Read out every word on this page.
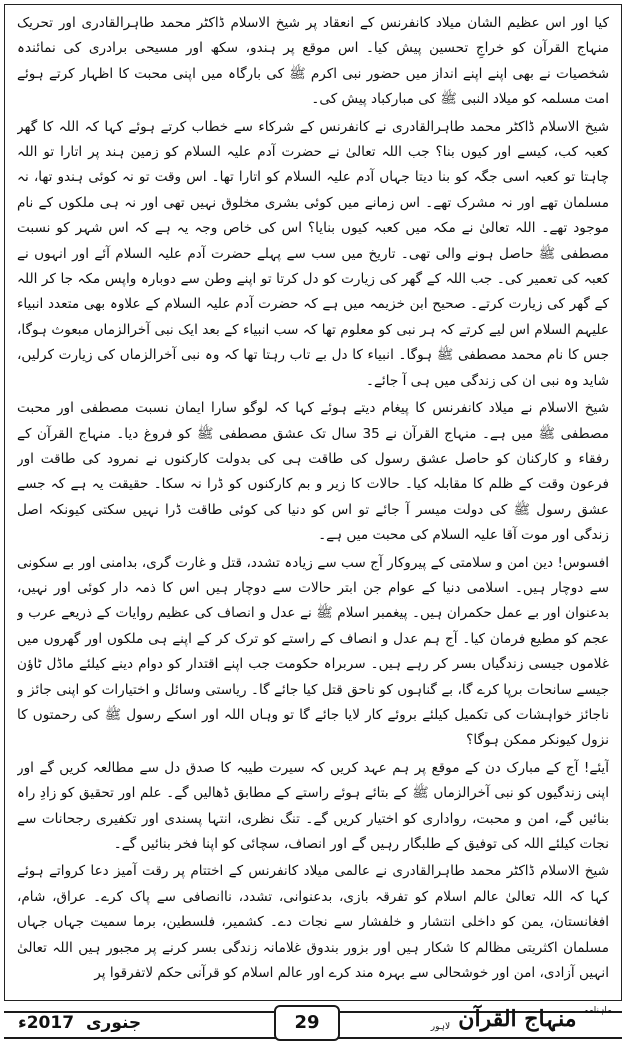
کیا اور اس عظیم الشان میلاد کانفرنس کے انعقاد پر شیخ الاسلام ڈاکٹر محمد طاہرالقادری اور تحریک منہاج القرآن کو خراجِ تحسین پیش کیا۔ اس موقع پر ہندو، سکھ اور مسیحی برادری کی نمائندہ شخصیات نے بھی اپنے اپنے انداز میں حضور نبی اکرم ﷺ کی بارگاہ میں اپنی محبت کا اظہار کرتے ہوئے امت مسلمہ کو میلاد النبی ﷺ کی مبارکباد پیش کی۔

شیخ الاسلام ڈاکٹر محمد طاہرالقادری نے کانفرنس کے شرکاء سے خطاب کرتے ہوئے کہا کہ اللہ کا گھر کعبہ کب، کیسے اور کیوں بنا؟ جب اللہ تعالیٰ نے حضرت آدم علیہ السلام کو زمین ہند پر اتارا تو اللہ چاہتا تو کعبہ اسی جگہ کو بنا دیتا جہاں آدم علیہ السلام کو اتارا تھا۔ اس وقت تو نہ کوئی ہندو تھا، نہ مسلمان تھے اور نہ مشرک تھے۔ اس زمانے میں کوئی بشری مخلوق نہیں تھی اور نہ ہی ملکوں کے نام موجود تھے۔ اللہ تعالیٰ نے مکہ میں کعبہ کیوں بنایا؟ اس کی خاص وجہ یہ ہے کہ اس شہر کو نسبت مصطفی ﷺ حاصل ہونے والی تھی۔ تاریخ میں سب سے پہلے حضرت آدم علیہ السلام آئے اور انہوں نے کعبہ کی تعمیر کی۔ جب اللہ کے گھر کی زیارت کو دل کرتا تو اپنے وطن سے دوبارہ واپس مکہ جا کر اللہ کے گھر کی زیارت کرتے۔ صحیح ابن خزیمہ میں ہے کہ حضرت آدم علیہ السلام کے علاوہ بھی متعدد انبیاء علیہم السلام اس لیے کرتے کہ ہر نبی کو معلوم تھا کہ سب انبیاء کے بعد ایک نبی آخرالزماں مبعوث ہوگا، جس کا نام محمد مصطفی ﷺ ہوگا۔ انبیاء کا دل بے تاب رہتا تھا کہ وہ نبی آخرالزماں کی زیارت کرلیں، شاید وہ نبی ان کی زندگی میں ہی آ جائے۔

شیخ الاسلام نے میلاد کانفرنس کا پیغام دیتے ہوئے کہا کہ لوگو سارا ایمان نسبت مصطفی اور محبت مصطفی ﷺ میں ہے۔ منہاج القرآن نے 35 سال تک عشق مصطفی ﷺ کو فروغ دیا۔ منہاج القرآن کے رفقاء و کارکنان کو حاصل عشق رسول کی طاقت ہی کی بدولت کارکنوں نے نمرود کی طاقت اور فرعون وقت کے ظلم کا مقابلہ کیا۔ حالات کا زیر و بم کارکنوں کو ڈرا نہ سکا۔ حقیقت یہ ہے کہ جسے عشق رسول ﷺ کی دولت میسر آ جائے تو اس کو دنیا کی کوئی طاقت ڈرا نہیں سکتی کیونکہ اصل زندگی اور موت آقا علیہ السلام کی محبت میں ہے۔

افسوس! دین امن و سلامتی کے پیروکار آج سب سے زیادہ تشدد، قتل و غارت گری، بدامنی اور بے سکونی سے دوچار ہیں۔ اسلامی دنیا کے عوام جن ابتر حالات سے دوچار ہیں اس کا ذمہ دار کوئی اور نہیں، بدعنوان اور بے عمل حکمران ہیں۔ پیغمبر اسلام ﷺ نے عدل و انصاف کی عظیم روایات کے ذریعے عرب و عجم کو مطیع فرمان کیا۔ آج ہم عدل و انصاف کے راستے کو ترک کر کے اپنے ہی ملکوں اور گھروں میں غلاموں جیسی زندگیاں بسر کر رہے ہیں۔ سربراہ حکومت جب اپنے اقتدار کو دوام دینے کیلئے ماڈل ٹاؤن جیسے سانحات برپا کرے گا، بے گناہوں کو ناحق قتل کیا جائے گا۔ ریاستی وسائل و اختیارات کو اپنی جائز و ناجائز خواہشات کی تکمیل کیلئے بروئے کار لایا جائے گا تو وہاں اللہ اور اسکے رسول ﷺ کی رحمتوں کا نزول کیونکر ممکن ہوگا؟

آیئے! آج کے مبارک دن کے موقع پر ہم عہد کریں کہ سیرت طیبہ کا صدق دل سے مطالعہ کریں گے اور اپنی زندگیوں کو نبی آخرالزماں ﷺ کے بتائے ہوئے راستے کے مطابق ڈھالیں گے۔ علم اور تحقیق کو زادِ راہ بنائیں گے، امن و محبت، رواداری کو اختیار کریں گے۔ تنگ نظری، انتہا پسندی اور تکفیری رجحانات سے نجات کیلئے اللہ کی توفیق کے طلبگار رہیں گے اور انصاف، سچائی کو اپنا فخر بنائیں گے۔

شیخ الاسلام ڈاکٹر محمد طاہرالقادری نے عالمی میلاد کانفرنس کے اختتام پر رقت آمیز دعا کرواتے ہوئے کہا کہ اللہ تعالیٰ عالم اسلام کو تفرقہ بازی، بدعنوانی، تشدد، ناانصافی سے پاک کرے۔ عراق، شام، افغانستان، یمن کو داخلی انتشار و خلفشار سے نجات دے۔ کشمیر، فلسطین، برما سمیت جہاں جہاں مسلمان اکثریتی مظالم کا شکار ہیں اور بزور بندوق غلامانہ زندگی بسر کرنے پر مجبور ہیں اللہ تعالیٰ انہیں آزادی، امن اور خوشحالی سے بہرہ مند کرے اور عالم اسلام کو قرآنی حکم لاتفرقوا پر

جنوری 2017ء	29
$^{ماہنامہ}$ منہاج القرآن لاہور
